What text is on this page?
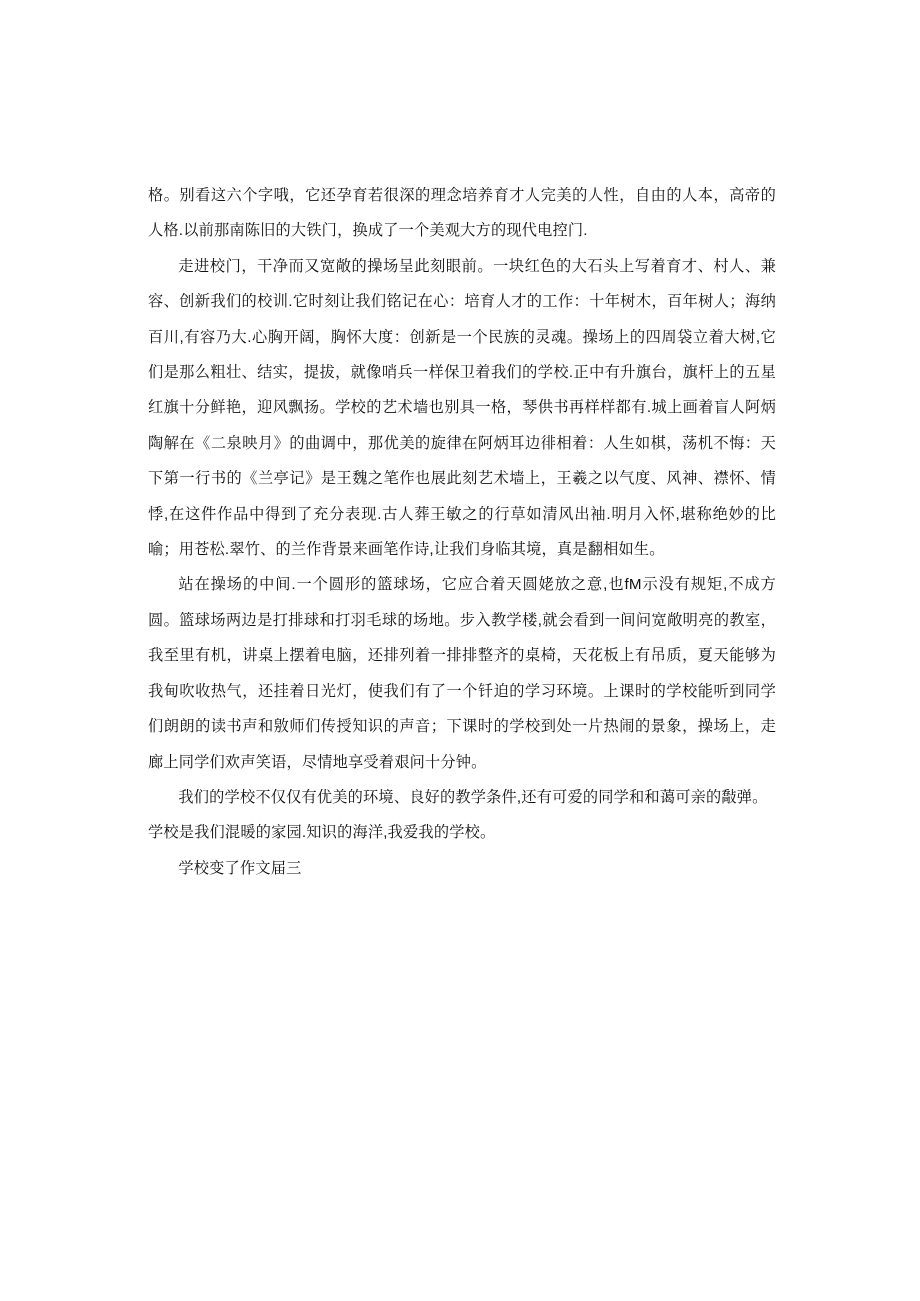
格。别看这六个字哦，它还孕育若很深的理念培养育才人完美的人性，自由的人本，高帝的人格.以前那南陈旧的大铁门，换成了一个美观大方的现代电控门.

走进校门，干净而又宽敞的操场呈此刻眼前。一块红色的大石头上写着育才、村人、兼容、创新我们的校训.它时刻让我们铭记在心：培育人才的工作：十年树木，百年树人；海纳百川,有容乃大.心胸开阔，胸怀大度：创新是一个民族的灵魂。操场上的四周袋立着大树,它们是那么粗壮、结实，提拔，就像哨兵一样保卫着我们的学校.正中有升旗台，旗杆上的五星红旗十分鲜艳，迎风飘扬。学校的艺术墙也别具一格，琴供书再样样都有.城上画着盲人阿炳陶解在《二泉映月》的曲调中，那优美的旋律在阿炳耳边徘相着：人生如棋，荡机不悔：天下第一行书的《兰亭记》是王魏之笔作也展此刻艺术墙上，王羲之以气度、风神、襟怀、情悸,在这件作品中得到了充分表现.古人葬王敏之的行草如清风出袖.明月入怀,堪称绝妙的比喻；用苍松.翠竹、的兰作背景来画笔作诗,让我们身临其境，真是翻相如生。

站在操场的中间.一个圆形的篮球场，它应合着天圆姥放之意,也fM示没有规矩,不成方圆。篮球场两边是打排球和打羽毛球的场地。步入教学楼,就会看到一间问宽敞明亮的教室，我至里有机，讲桌上摆着电脑，还排列着一排排整齐的桌椅，天花板上有吊质，夏天能够为我甸吹收热气，还挂着日光灯，使我们有了一个钎迫的学习环境。上课时的学校能听到同学们朗朗的读书声和敫师们传授知识的声音；下课时的学校到处一片热闹的景象，操场上，走廊上同学们欢声笑语，尽情地享受着艰问十分钟。

我们的学校不仅仅有优美的环境、良好的教学条件,还有可爱的同学和和蔼可亲的敽弹。学校是我们混暖的家园.知识的海洋,我爱我的学校。

学校变了作文届三
